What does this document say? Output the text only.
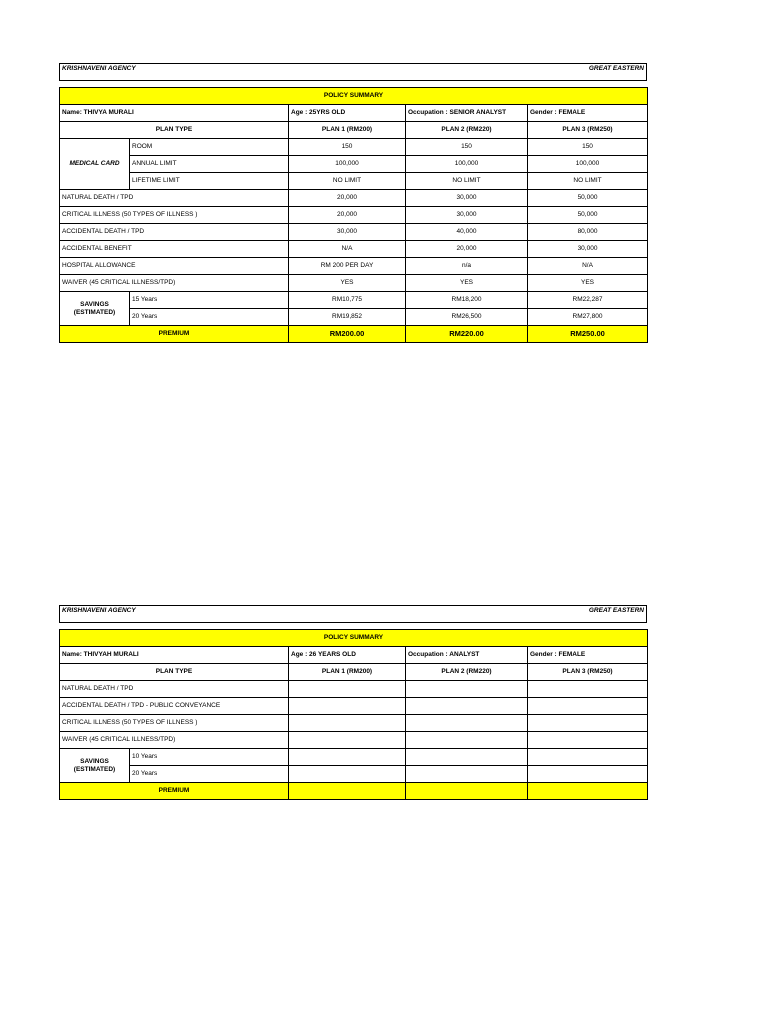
KRISHNAVENI AGENCY	GREAT EASTERN
POLICY SUMMARY				
Name: THIVYA MURALI		Age : 25YRS OLD	Occupation : SENIOR ANALYST	Gender : FEMALE
PLAN TYPE		PLAN 1 (RM200)	PLAN 2 (RM220)	PLAN 3 (RM250)
MEDICAL CARD	ROOM	150	150	150
	ANNUAL LIMIT	100,000	100,000	100,000
	LIFETIME LIMIT	NO LIMIT	NO LIMIT	NO LIMIT
NATURAL DEATH / TPD		20,000	30,000	50,000
CRITICAL ILLNESS (50 TYPES OF ILLNESS )		20,000	30,000	50,000
ACCIDENTAL DEATH / TPD		30,000	40,000	80,000
ACCIDENTAL BENEFIT		N/A	20,000	30,000
HOSPITAL ALLOWANCE		RM 200 PER DAY	n/a	N/A
WAIVER (45 CRITICAL ILLNESS/TPD)		YES	YES	YES
SAVINGS (ESTIMATED)	15 Years	RM10,775	RM18,200	RM22,287
	20 Years	RM19,852	RM26,500	RM27,800
PREMIUM		RM200.00	RM220.00	RM250.00
KRISHNAVENI AGENCY	GREAT EASTERN
POLICY SUMMARY				
Name: THIVYAH MURALI		Age : 26 YEARS OLD	Occupation : ANALYST	Gender : FEMALE
PLAN TYPE		PLAN 1 (RM200)	PLAN 2 (RM220)	PLAN 3 (RM250)
NATURAL DEATH / TPD				
ACCIDENTAL DEATH / TPD - PUBLIC CONVEYANCE				
CRITICAL ILLNESS (50 TYPES OF ILLNESS )				
WAIVER (45 CRITICAL ILLNESS/TPD)				
SAVINGS (ESTIMATED)	10 Years			
	20 Years			
PREMIUM				
